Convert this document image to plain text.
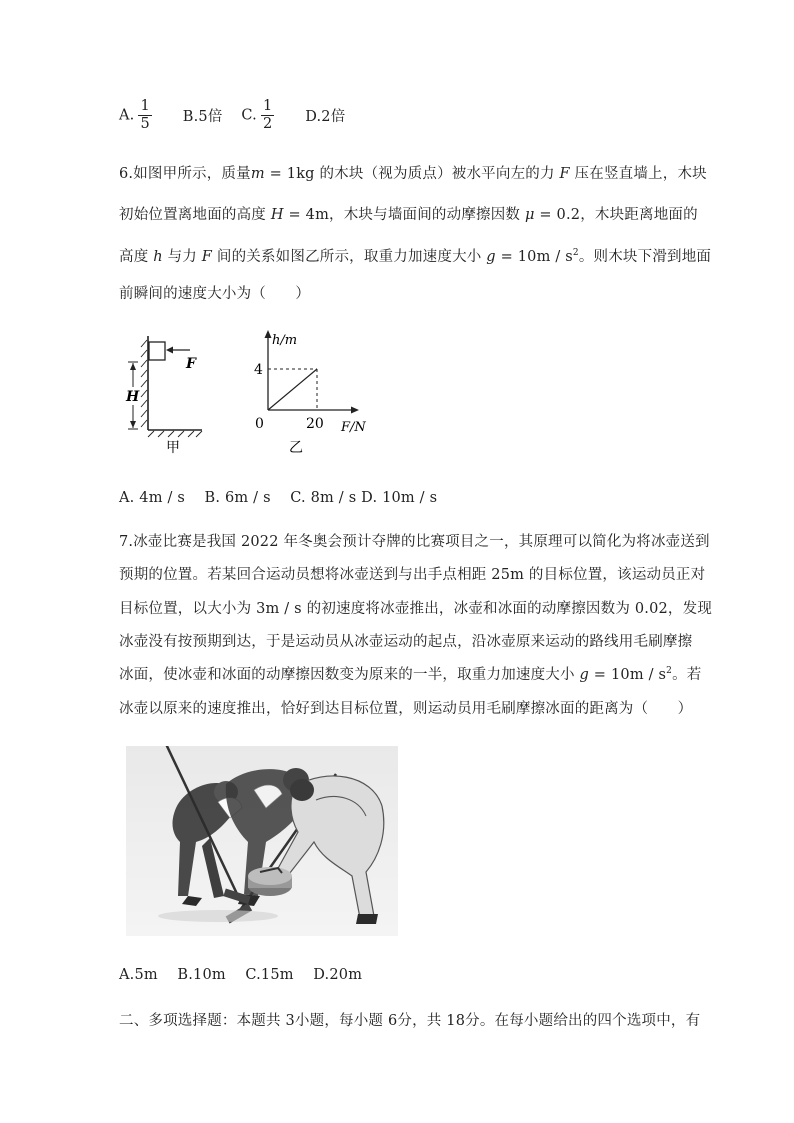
A. $\frac{1}{5} B.5$倍 C. $\frac{1}{2} D.2$倍
6.如图甲所示，质量m = 1kg 的木块（视为质点）被水平向左的力 F 压在竖直墙上，木块
初始位置离地面的高度 H = 4m，木块与墙面间的动摩擦因数 μ = 0.2，木块距离地面的
高度 h 与力 F 间的关系如图乙所示，取重力加速度大小 $g = 10m / s^2$。则木块下滑到地面
前瞬间的速度大小为（　　）
F
H
甲
h/m
F/N
4
20
0
乙
A. 4m / s　 B. 6m / s　 C. 8m / s D. 10m / s
7.冰壶比赛是我国 2022 年冬奥会预计夺牌的比赛项目之一，其原理可以简化为将冰壶送到
预期的位置。若某回合运动员想将冰壶送到与出手点相距 25m 的目标位置，该运动员正对
目标位置，以大小为 3m / s 的初速度将冰壶推出，冰壶和冰面的动摩擦因数为 0.02，发现
冰壶没有按预期到达，于是运动员从冰壶运动的起点，沿冰壶原来运动的路线用毛刷摩擦
冰面，使冰壶和冰面的动摩擦因数变为原来的一半，取重力加速度大小 $g = 10m / s^2$。若
冰壶以原来的速度推出，恰好到达目标位置，则运动员用毛刷摩擦冰面的距离为（　　）
A.5m　 B.10m　 C.15m　 D.20m
二、多项选择题：本题共 3小题，每小题 6分，共 18分。在每小题给出的四个选项中，有
